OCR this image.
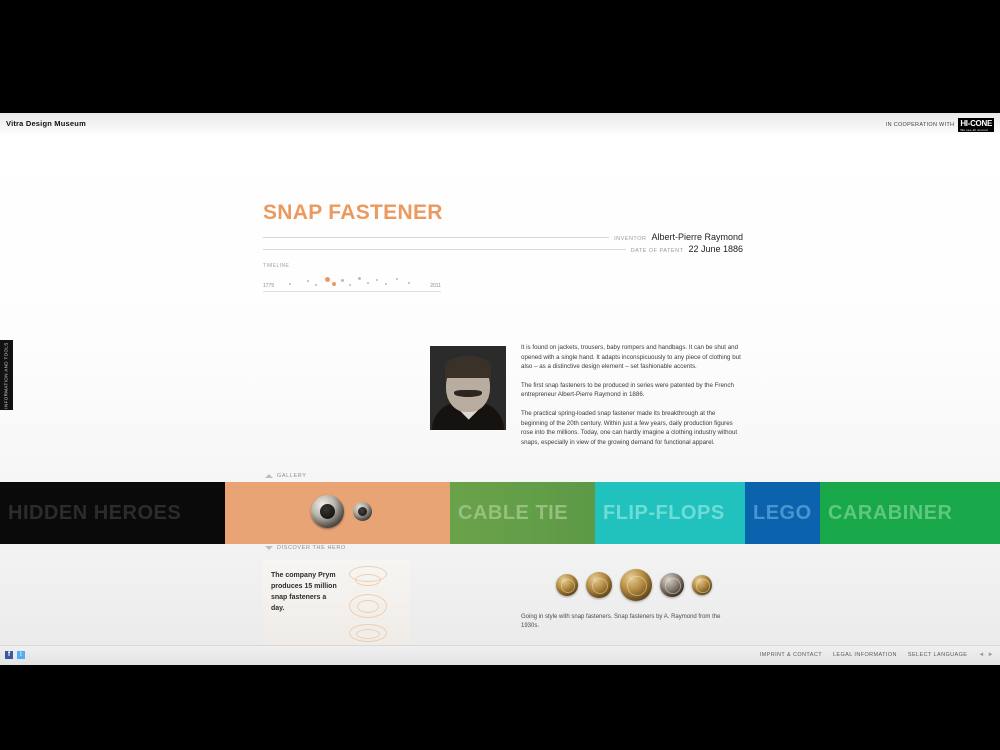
Vitra Design Museum	IN COOPERATION WITH HI-CONE
We see all around
INFORMATION AND TOOLS
SNAP FASTENER
INVENTOR Albert-Pierre Raymond
DATE OF PATENT 22 June 1886
TIMELINE
1775	2011

It is found on jackets, trousers, baby rompers and handbags. It can be shut and opened with a single hand. It adapts inconspicuously to any piece of clothing but also – as a distinctive design element – set fashionable accents.

The first snap fasteners to be produced in series were patented by the French entrepreneur Albert-Pierre Raymond in 1886.

The practical spring-loaded snap fastener made its breakthrough at the beginning of the 20th century. Within just a few years, daily production figures rose into the millions. Today, one can hardly imagine a clothing industry without snaps, especially in view of the growing demand for functional apparel.

GALLERY
HIDDEN HEROES	CABLE TIE	FLIP-FLOPS	LEGO CARABINER
DISCOVER THE HERO
The company Prym produces 15 million snap fasteners a day.
Going in style with snap fasteners. Snap fasteners by A. Raymond from the 1930s.
f	t	IMPRINT & CONTACT LEGAL INFORMATION SELECT LANGUAGE ◄ ►
